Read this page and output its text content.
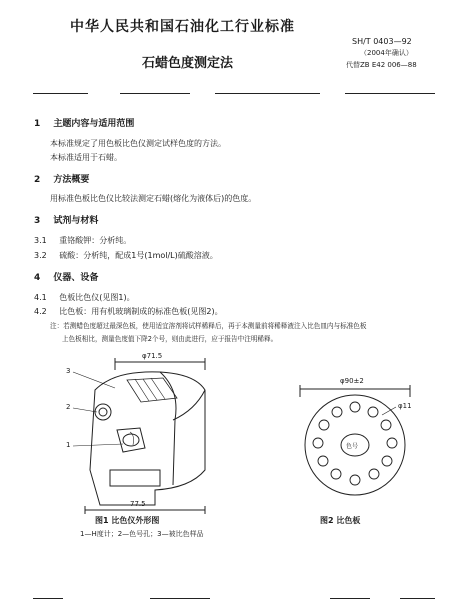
中华人民共和国石油化工行业标准
SH/T 0403—92
（2004年确认）
代替ZB E42 006—88
石蜡色度测定法
1 主题内容与适用范围
本标准规定了用色板比色仪测定试样色度的方法。
本标准适用于石蜡。
2 方法概要
用标准色板比色仪比较法测定石蜡(熔化为液体后)的色度。
3 试剂与材料
3.1 重铬酸钾：分析纯。
3.2 硫酸：分析纯，配成1号(1mol/L)硫酸溶液。
4 仪器、设备
4.1 色板比色仪(见图1)。
4.2 比色板：用有机玻璃制成的标准色板(见图2)。
注：若测蜡色度超过最深色板，使用适宜溶剂将试样稀释后，再于本测量前将稀释液注入比色皿内与标准色板
上色板相比，测量色度值下降2个号，则由此进行，应于报告中注明稀释。
φ71.5
77.5
3
2
1
图1 比色仪外形图
1—H度计；2—色号孔；3—被比色样品
φ90±2
φ11
色号
图2 比色板
